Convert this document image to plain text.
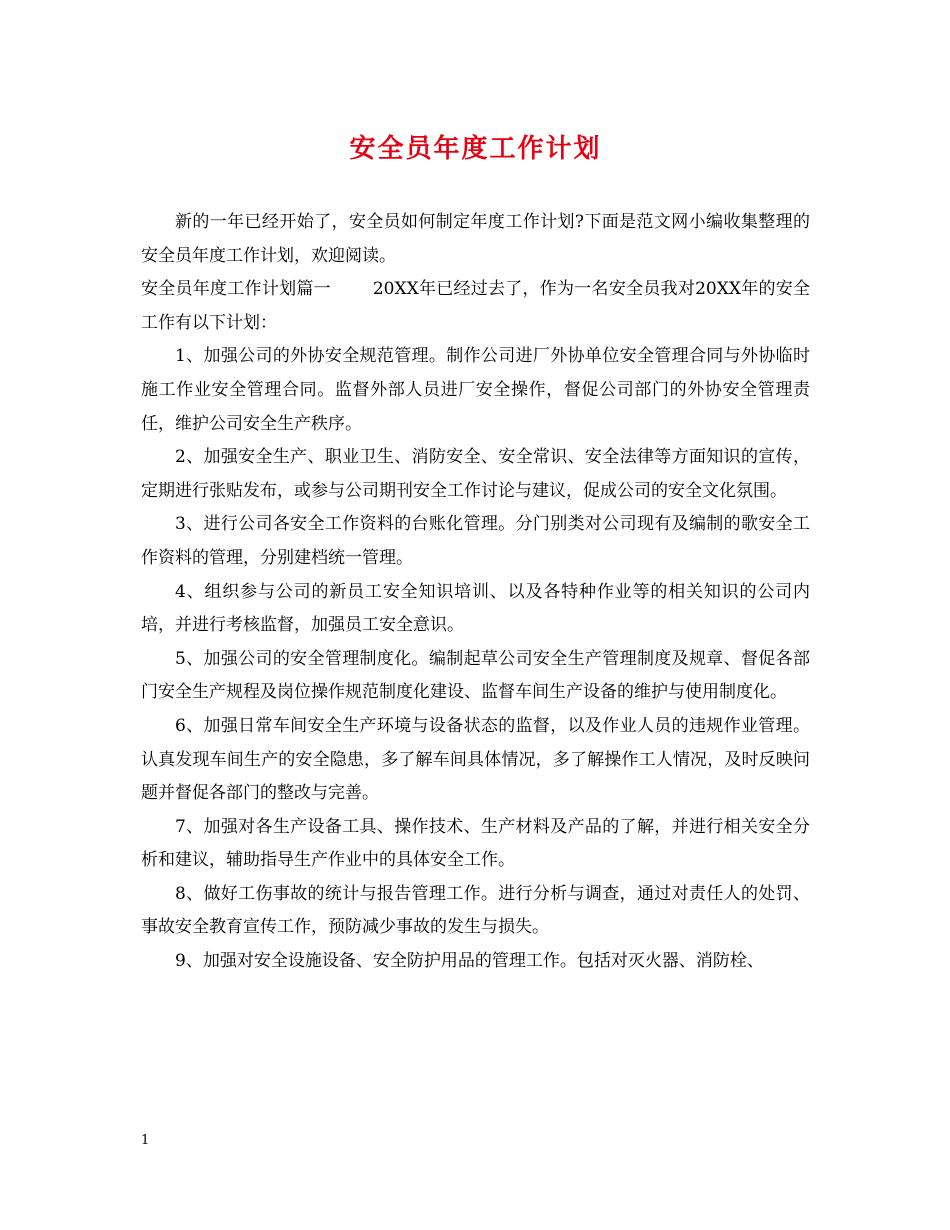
安全员年度工作计划

新的一年已经开始了，安全员如何制定年度工作计划?下面是范文网小编收集整理的安全员年度工作计划，欢迎阅读。

安全员年度工作计划篇一 20XX年已经过去了，作为一名安全员我对20XX年的安全工作有以下计划：

1、加强公司的外协安全规范管理。制作公司进厂外协单位安全管理合同与外协临时施工作业安全管理合同。监督外部人员进厂安全操作，督促公司部门的外协安全管理责任，维护公司安全生产秩序。

2、加强安全生产、职业卫生、消防安全、安全常识、安全法律等方面知识的宣传，定期进行张贴发布，或参与公司期刊安全工作讨论与建议，促成公司的安全文化氛围。

3、进行公司各安全工作资料的台账化管理。分门别类对公司现有及编制的歌安全工作资料的管理，分别建档统一管理。

4、组织参与公司的新员工安全知识培训、以及各特种作业等的相关知识的公司内培，并进行考核监督，加强员工安全意识。

5、加强公司的安全管理制度化。编制起草公司安全生产管理制度及规章、督促各部门安全生产规程及岗位操作规范制度化建设、监督车间生产设备的维护与使用制度化。

6、加强日常车间安全生产环境与设备状态的监督，以及作业人员的违规作业管理。认真发现车间生产的安全隐患，多了解车间具体情况，多了解操作工人情况，及时反映问题并督促各部门的整改与完善。

7、加强对各生产设备工具、操作技术、生产材料及产品的了解，并进行相关安全分析和建议，辅助指导生产作业中的具体安全工作。

8、做好工伤事故的统计与报告管理工作。进行分析与调查，通过对责任人的处罚、事故安全教育宣传工作，预防减少事故的发生与损失。

9、加强对安全设施设备、安全防护用品的管理工作。包括对灭火器、消防栓、

1
